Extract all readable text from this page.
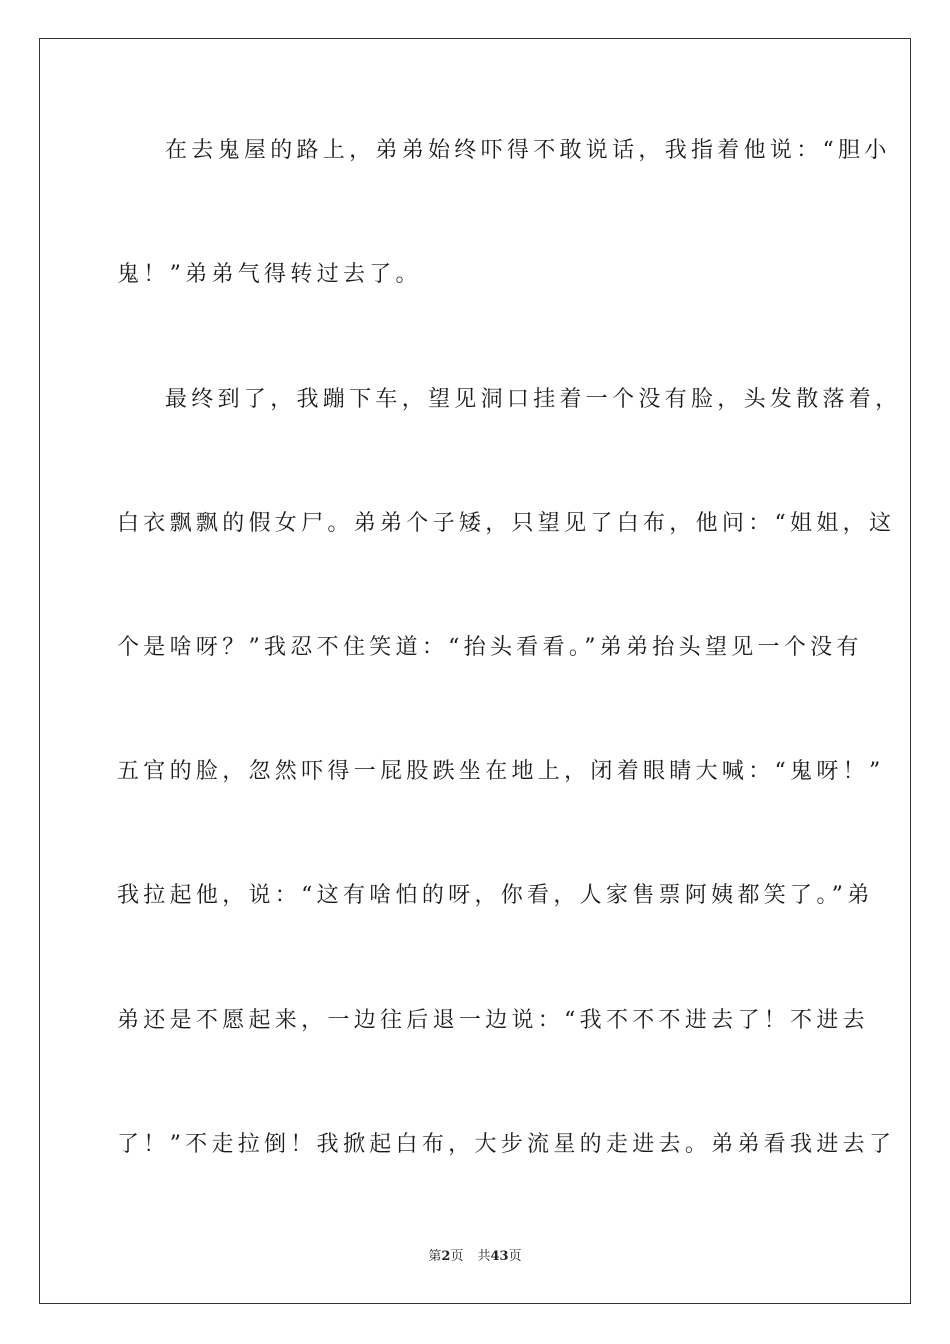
在去鬼屋的路上，弟弟始终吓得不敢说话，我指着他说：“胆小
鬼！”弟弟气得转过去了。
最终到了，我蹦下车，望见洞口挂着一个没有脸，头发散落着，
白衣飘飘的假女尸。弟弟个子矮，只望见了白布，他问：“姐姐，这
个是啥呀？”我忍不住笑道：“抬头看看。”弟弟抬头望见一个没有
五官的脸，忽然吓得一屁股跌坐在地上，闭着眼睛大喊：“鬼呀！”
我拉起他，说：“这有啥怕的呀，你看，人家售票阿姨都笑了。”弟
弟还是不愿起来，一边往后退一边说：“我不不不进去了！不进去
了！”不走拉倒！我掀起白布，大步流星的走进去。弟弟看我进去了
第2页 共43页
